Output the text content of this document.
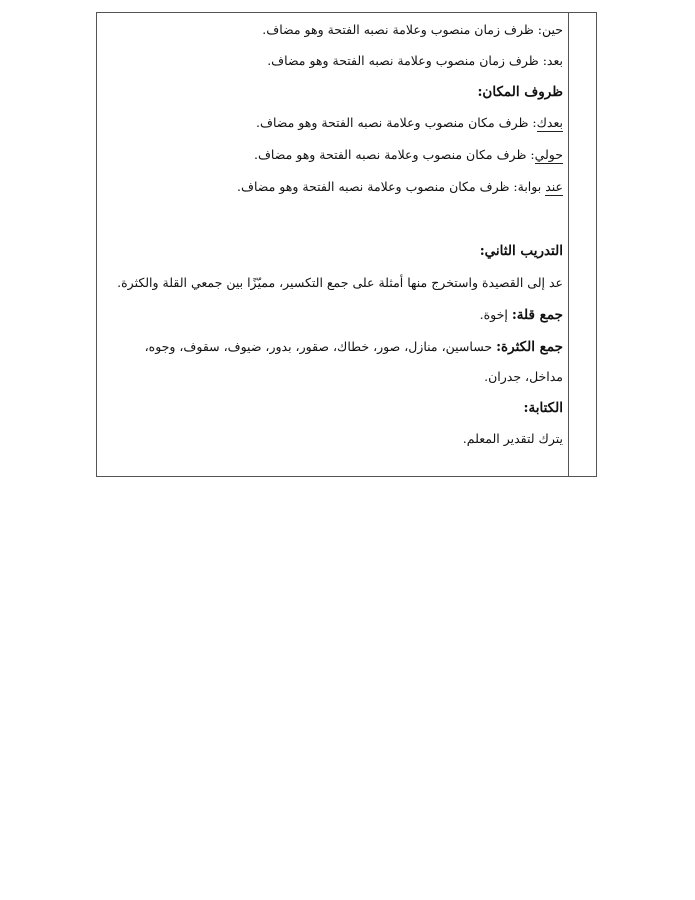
حين: ظرف زمان منصوب وعلامة نصبه الفتحة وهو مضاف.
بعد: ظرف زمان منصوب وعلامة نصبه الفتحة وهو مضاف.
ظروف المكان:
بعدك: ظرف مكان منصوب وعلامة نصبه الفتحة وهو مضاف.
حولي: ظرف مكان منصوب وعلامة نصبه الفتحة وهو مضاف.
عند بوابة: ظرف مكان منصوب وعلامة نصبه الفتحة وهو مضاف.
التدريب الثاني:
عد إلى القصيدة واستخرج منها أمثلة على جمع التكسير، مميّزًا بين جمعي القلة والكثرة.
جمع قلة: إخوة.
جمع الكثرة: حساسين، منازل، صور، خطاك، صقور، بدور، ضيوف، سقوف، وجوه،
مداخل، جدران.
الكتابة:
يترك لتقدير المعلم.
